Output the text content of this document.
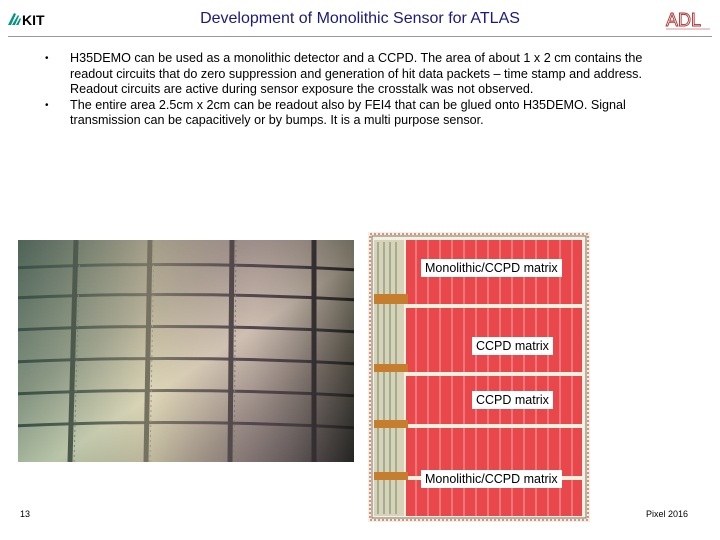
KIT	Development of Monolithic Sensor for ATLAS	ADL
• H35DEMO can be used as a monolithic detector and a CCPD. The area of about 1 x 2 cm contains the readout circuits that do zero suppression and generation of hit data packets – time stamp and address. Readout circuits are active during sensor exposure the crosstalk was not observed.
• The entire area 2.5cm x 2cm can be readout also by FEI4 that can be glued onto H35DEMO. Signal transmission can be capacitively or by bumps. It is a multi purpose sensor.
Monolithic/CCPD matrix
CCPD matrix
CCPD matrix
Monolithic/CCPD matrix
13	Pixel 2016
